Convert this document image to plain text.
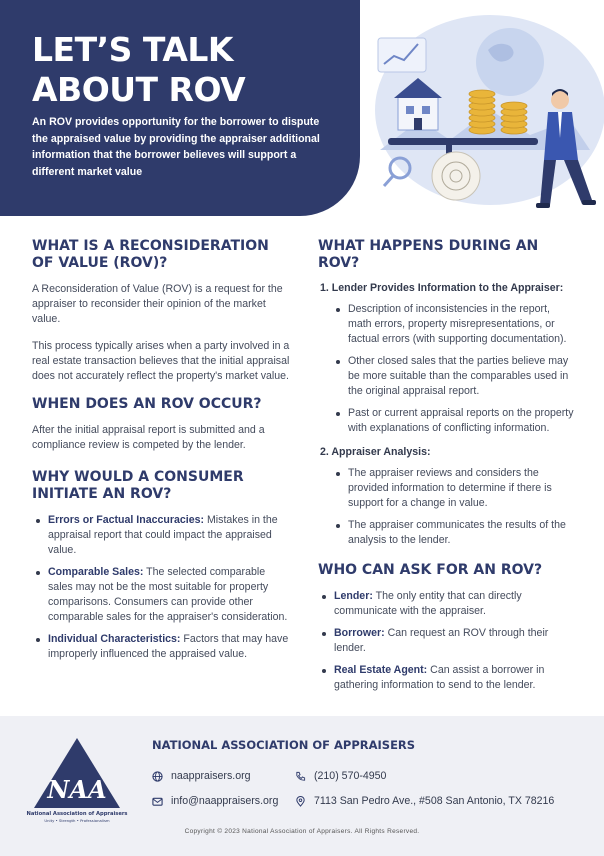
LET’S TALK
ABOUT ROV

An ROV provides opportunity for the borrower to dispute the appraised value by providing the appraiser additional information that the borrower believes will support a different market value

WHAT IS A RECONSIDERATION OF VALUE (ROV)?

A Reconsideration of Value (ROV) is a request for the appraiser to reconsider their opinion of the market value.

This process typically arises when a party involved in a real estate transaction believes that the initial appraisal does not accurately reflect the property's market value.

WHEN DOES AN ROV OCCUR?

After the initial appraisal report is submitted and a compliance review is competed by the lender.

WHY WOULD A CONSUMER INITIATE AN ROV?
Errors or Factual Inaccuracies: Mistakes in the appraisal report that could impact the appraised value.
Comparable Sales: The selected comparable sales may not be the most suitable for property comparisons. Consumers can provide other comparable sales for the appraiser's consideration.
Individual Characteristics: Factors that may have improperly influenced the appraised value.
WHAT HAPPENS DURING AN ROV?
1. Lender Provides Information to the Appraiser:
Description of inconsistencies in the report, math errors, property misrepresentations, or factual errors (with supporting documentation).
Other closed sales that the parties believe may be more suitable than the comparables used in the original appraisal report.
Past or current appraisal reports on the property with explanations of conflicting information.
2. Appraiser Analysis:
The appraiser reviews and considers the provided information to determine if there is support for a change in value.
The appraiser communicates the results of the analysis to the lender.
WHO CAN ASK FOR AN ROV?
Lender: The only entity that can directly communicate with the appraiser.
Borrower: Can request an ROV through their lender.
Real Estate Agent: Can assist a borrower in gathering information to send to the lender.
NAA
National Association of Appraisers
Unity • Strength • Professionalism

NATIONAL ASSOCIATION OF APPRAISERS

naappraisers.org
info@naappraisers.org
(210) 570-4950
7113 San Pedro Ave., #508 San Antonio, TX 78216
Copyright © 2023 National Association of Appraisers. All Rights Reserved.
